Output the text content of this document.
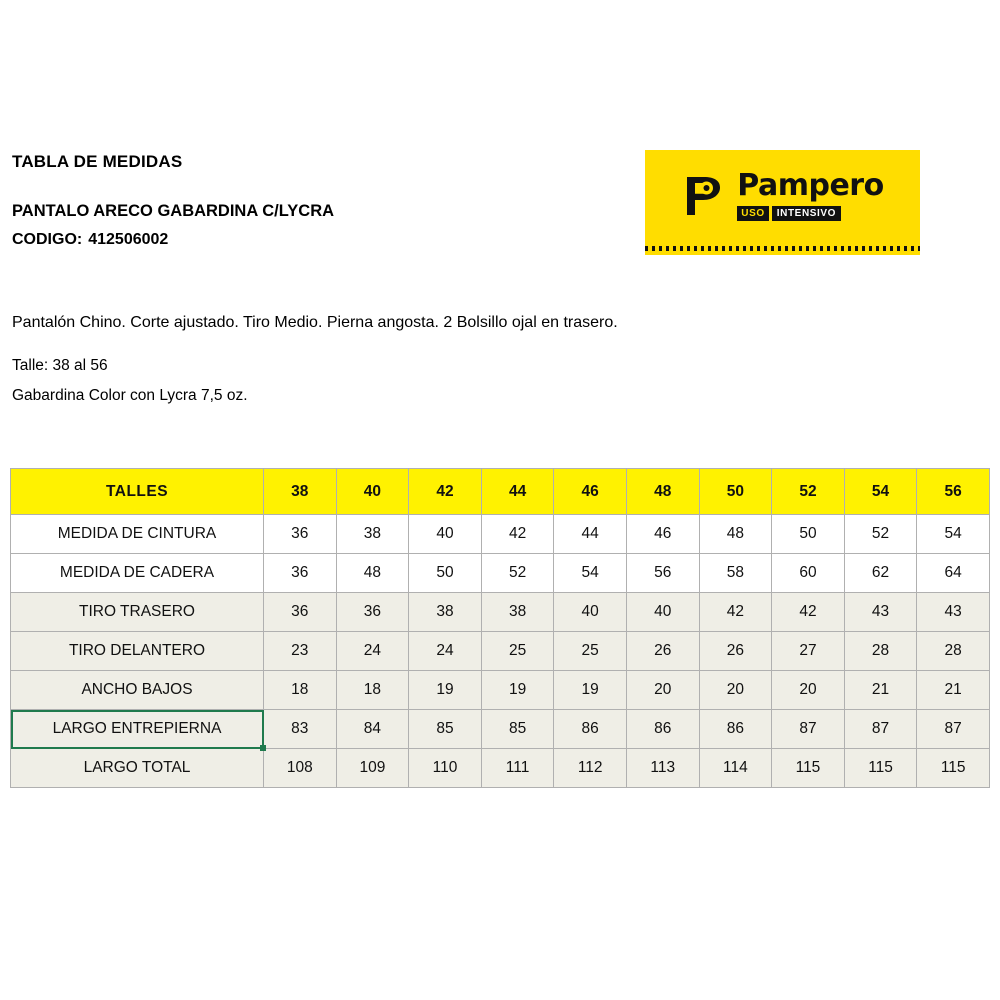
TABLA DE MEDIDAS
PANTALO ARECO GABARDINA C/LYCRA
CODIGO: 412506002

Pantalón Chino. Corte ajustado. Tiro Medio. Pierna angosta. 2 Bolsillo ojal en trasero.

Talle: 38 al 56

Gabardina Color con Lycra 7,5 oz.

Pampero
USO	INTENSIVO
TALLES	38	40	42	44	46	48	50	52	54	56
MEDIDA DE CINTURA	36	38	40	42	44	46	48	50	52	54
MEDIDA DE CADERA	36	48	50	52	54	56	58	60	62	64
TIRO TRASERO	36	36	38	38	40	40	42	42	43	43
TIRO DELANTERO	23	24	24	25	25	26	26	27	28	28
ANCHO BAJOS	18	18	19	19	19	20	20	20	21	21
LARGO ENTREPIERNA	83	84	85	85	86	86	86	87	87	87
LARGO TOTAL	108	109	110	111	112	113	114	115	115	115
